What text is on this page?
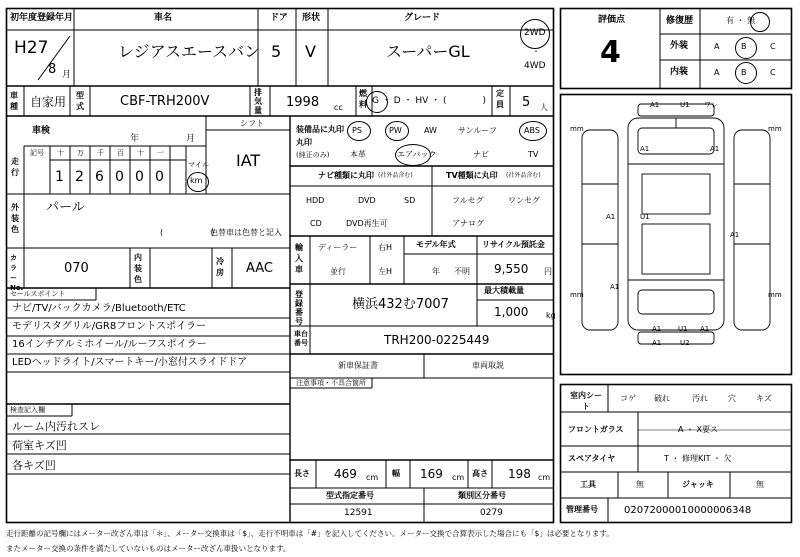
初年度登録年月	車名	ドア 形状	グレード
H27
8 月
レジアスエースバン 5 V	スーパーGL
2WD
・
4WD
車種 自家用 型式	CBF-TRH200V
排気量
1998 cc
燃料 G ・ D ・ HV ・ (　　　　)
定員 5 人
車検
年	月
シフト
IAT
走行
記号 十 万 千 百 十 一
1 2 6 0 0 0
マイル
km
外装色
パール
(　　　　　　)
色替車は色替と記入
カラーNo.
070
内装色
冷房 AAC
セールスポイント
ナビ/TV/バックカメラ/Bluetooth/ETC
モデリスタグリル/GR8フロントスポイラー
16インチアルミホイール/ルーフスポイラー
LEDヘッドライト/スマートキー/小窓付スライドドア
検査記入欄
ルーム内汚れスレ
荷室キズ凹
各キズ凹
装備品に丸印
丸印
(純正のみ)
PS	PW	AW	サンルーフ	ABS
本革	エアバック	ナビ	TV
ナビ種類に丸印 (社外品含む)
HDD	DVD	SD
CD	DVD再生可
TV種類に丸印 (社外品含む)
フルセグ	ワンセグ
アナログ
輸入車
ディーラー
並行
右H
左H
モデル年式
年 不明
リサイクル預託金
9,550 円
登録番号
横浜432む7007
最大積載量
1,000 kg
車台番号	TRH200-0225449
新車保証書	車両取説
注意事項・不具合箇所
長さ 469 cm 幅 169 cm 高さ 198 cm
型式指定番号
12591
類別区分番号
0279
評価点
4
修復歴	有 ・ 無
外装	A	B	C
内装	A	B	C
A1	U1 ワレ
A1	A1
A1	U1
A1
A1
A1 U1 A1
A1	U2
mm	mm
mm	mm
室内シート
コゲ 破れ	汚れ	穴	キズ
フロントガラス	A ・ X要ス
スペアタイヤ	T ・ 修理KIT ・ 欠
工具	無	ジャッキ	無
管理番号	02072000010000006348
走行距離の記号欄にはメーター改ざん車は「＊」、メーター交換車は「$」、走行不明車は「#」を記入してください。メーター交換で合算表示した場合にも「$」は必要となります。
またメーター交換の条件を満たしていないものはメーター改ざん車扱いとなります。
